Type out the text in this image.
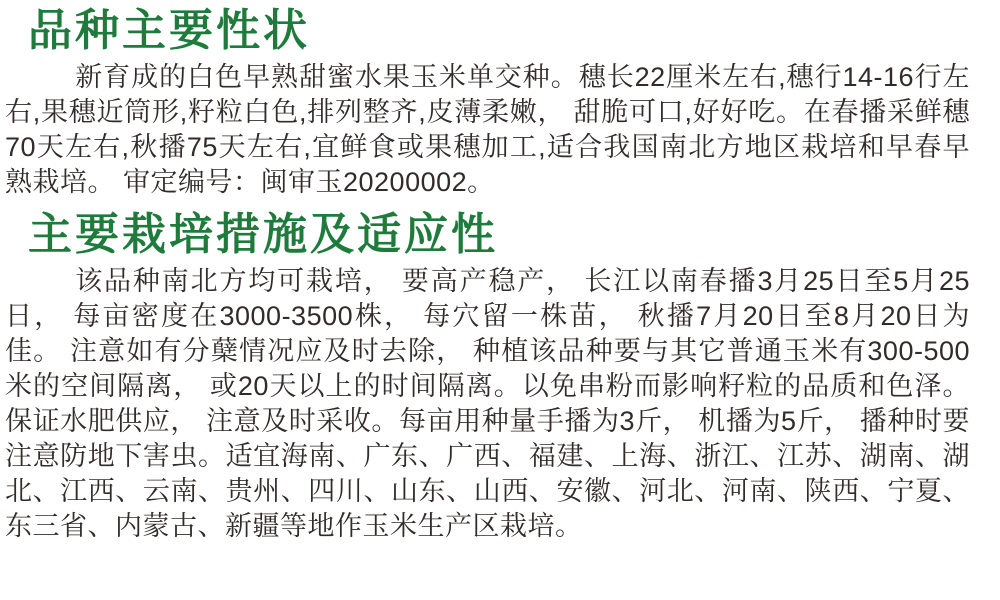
品种主要性状

新育成的白色早熟甜蜜水果玉米单交种。穗长22厘米左右,穗行14-16行左右,果穗近筒形,籽粒白色,排列整齐,皮薄柔嫩， 甜脆可口,好好吃。在春播采鲜穗70天左右,秋播75天左右,宜鲜食或果穗加工,适合我国南北方地区栽培和早春早熟栽培。 审定编号：闽审玉20200002。

主要栽培措施及适应性

该品种南北方均可栽培， 要高产稳产， 长江以南春播3月25日至5月25日， 每亩密度在3000-3500株， 每穴留一株苗， 秋播7月20日至8月20日为佳。 注意如有分蘖情况应及时去除， 种植该品种要与其它普通玉米有300-500米的空间隔离， 或20天以上的时间隔离。以免串粉而影响籽粒的品质和色泽。保证水肥供应， 注意及时采收。每亩用种量手播为3斤， 机播为5斤， 播种时要注意防地下害虫。适宜海南、广东、广西、福建、上海、浙江、江苏、湖南、湖北、江西、云南、贵州、四川、山东、山西、安徽、河北、河南、陕西、宁夏、东三省、内蒙古、新疆等地作玉米生产区栽培。
